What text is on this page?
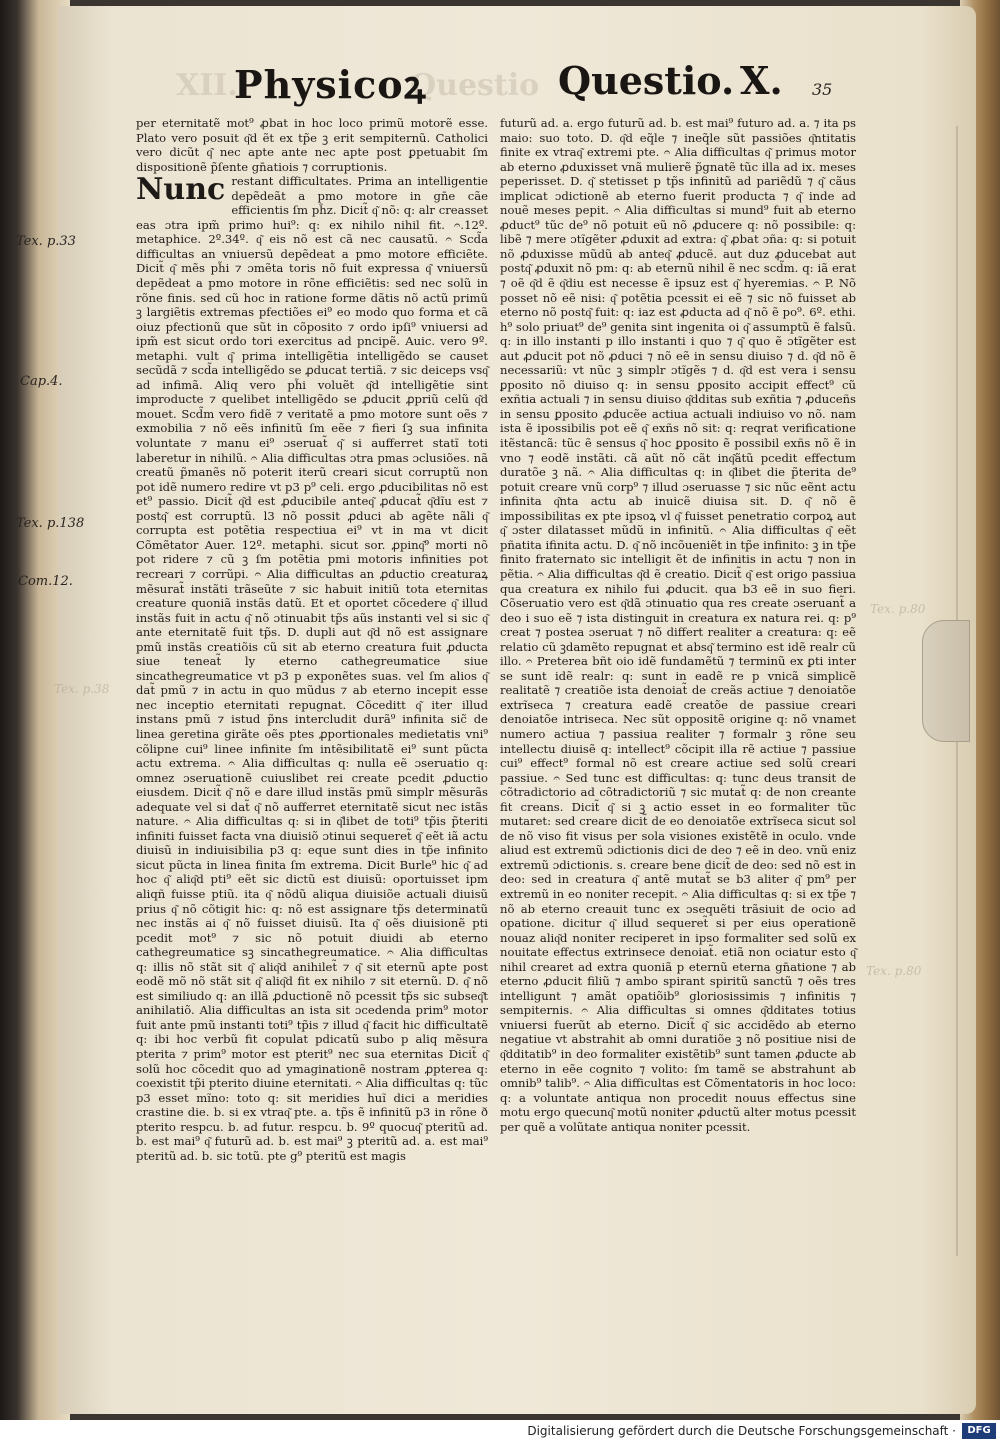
XII.	Questio
Physicoꝝ	Questio. X. 35
Tex. p.33
Cap.4.
Tex. p.138
Com.12.
Tex. p.38
Tex. p.80
Tex. p.80

per eternitatẽ mot⁹ ꝓbat in hoc loco primũ motorẽ esse. Plato vero posuit q͂d ẽt ex tp̃e ꝫ erit sempiternũ. Catholici vero dicũt q͂ nec apte ante nec apte post ꝑpetuabit ſm dispositionẽ p̃ſente gn̄atiois ⁊ corruptionis.

Nunc restant difficultates. Prima an intelligentie depẽdeãt a pmo motore in gn̄e cãe efficientis ſm ph̃z. Dicit̃ q͂ nõ: q: alr creasset eas ɔtra ipm̃ primo hui⁹: q: ex nihilo nihil fit. 𝄐.12º. metaphice. 2º.34º. q͂ eis nõ est cã nec causatũ. 𝄐 Scd̃a difficultas an vniuersũ depẽdeat a pmo motore efficiẽte. Dicit̃ q͂ mẽs ph̃i ⁊ ɔmẽta toris nõ fuit expressa q͂ vniuersũ depẽdeat a pmo motore in rõne efficiẽtis: sed nec solũ in rõne finis. sed cũ hoc in ratione forme dãtis nõ actũ primũ ꝫ largiẽtis extremas pfectiões ei⁹ eo modo quo forma et cã oiuz pfectionũ que sũt in cõposito ⁊ ordo ipſi⁹ vniuersi ad ipm̃ est sicut ordo tori exercitus ad pncipẽ. Auic. vero 9º. metaphi. vult q͂ prima intelligẽtia intelligẽdo se causet secũdã ⁊ scd̃a intelligẽdo se ꝓducat tertiã. ⁊ sic deiceps vsq͂ ad infimã. Aliq vero ph̃i voluẽt q͂d intelligẽtie sint improducte ⁊ quelibet intelligẽdo se ꝓducit ꝓpriũ celũ q͂d mouet. Scd̃m vero fidẽ ⁊ veritatẽ a pmo motore sunt oẽs ⁊ exmobilia ⁊ nõ eẽs infinitũ ſm eẽe ⁊ fieri ſꝫ sua infinita voluntate ⁊ manu ei⁹ ɔseruat̃ q͂ si aufferret statĩ toti laberetur in nihilũ. 𝄐 Alia difficultas ɔtra pmas ɔclusiões. nã creatũ p̃manẽs nõ poterit iterũ creari sicut corruptũ non pot idẽ numero redire vt p3 p⁹ celi. ergo ꝓducibilitas nõ est et⁹ passio. Dicit̃ q͂d est ꝓducibile anteq͂ ꝓducat̃ q͂dĩu est ⁊ postq͂ est corruptũ. l3 nõ possit ꝓduci ab agẽte nãli q͂ corrupta est potẽtia respectiua ei⁹ vt in ma vt dicit Cõmẽtator Auer. 12º. metaphi. sicut sor. ꝓpinq͂⁹ morti nõ pot ridere ⁊ cũ ꝫ ſm potẽtia pmi motoris infinities pot recreari ⁊ corrũpi. 𝄐 Alia difficultas an ꝓductio creaturaꝝ mẽsurat̃ instãti trãseũte ⁊ sic habuit initiũ tota eternitas creature quoniã instãs datũ. Et et oportet cõcedere q͂ illud instãs fuit in actu q͂ nõ ɔtinuabit tp̃s aũs instanti vel si sic q͂ ante eternitatẽ fuit tp̃s. D. dupli aut q͂d nõ est assignare pmũ instãs creatiõis cũ sit ab eterno creatura fuit ꝓducta siue teneat̃ ly eterno cathegreumatice siue sincathegreumatice vt p3 p exponẽtes suas. vel ſm alios q͂ dat̃ pmũ ⁊ in actu in quo mũdus ⁊ ab eterno incepit esse nec inceptio eternitati repugnat. Cõceditt q͂ iter illud instans pmũ ⁊ istud p̃ns intercludit durã⁹ infinita sic̃ de linea geretina girãte oẽs ptes ꝓportionales medietatis vni⁹ cõlipne cui⁹ linee infinite ſm intẽsibilitatẽ ei⁹ sunt pũcta actu extrema. 𝄐 Alia difficultas q: nulla eẽ ɔseruatio q: omnez ɔseruationẽ cuiuslibet rei create pcedit ꝓductio eiusdem. Dicit̃ q͂ nõ e dare illud instãs pmũ simplr mẽsurãs adequate vel si dat̃ q͂ nõ aufferret eternitatẽ sicut nec istãs nature. 𝄐 Alia difficultas q: si in q͂libet de toti⁹ tp̃is p̃teriti infiniti fuisset facta vna diuisiõ ɔtinui sequeret̃ q͂ eẽt iã actu diuisũ in indiuisibilia p3 q: eque sunt dies in tp̃e infinito sicut pũcta in linea finita ſm extrema. Dicit Burle⁹ hic q͂ ad hoc q͂ aliq͂d pti⁹ eẽt sic dictũ est diuisũ: oportuisset ipm aliqñ fuisse ptiũ. ita q͂ nõdũ aliqua diuisiõe actuali diuisũ prius q͂ nõ cõtigit hic: q: nõ est assignare tp̃s determinatũ nec instãs ai q͂ nõ fuisset diuisũ. Ita q͂ oẽs diuisionẽ pti pcedit mot⁹ ⁊ sic nõ potuit diuidi ab eterno cathegreumatice sꝫ sincathegreumatice. 𝄐 Alia difficultas q: illis nõ stãt sit q͂ aliq͂d anihilet̃ ⁊ q͂ sit eternũ apte post eodẽ mõ nõ stãt sit q͂ aliq͂d fit ex nihilo ⁊ sit eternũ. D. q͂ nõ est similiudo q: an illã ꝓductionẽ nõ pcessit tp̃s sic subseq͂t anihilatiõ. Alia difficultas an ista sit ɔcedenda prim⁹ motor fuit ante pmũ instanti toti⁹ tp̃is ⁊ illud q͂ facit hic difficultatẽ q: ibi hoc verbũ fit copulat pdicatũ subo p aliq mẽsura pterita ⁊ prim⁹ motor est pterit⁹ nec sua eternitas Dicit̃ q͂ solũ hoc cõcedit quo ad ymaginationẽ nostram ꝓpterea q: coexistit tp̃i pterito diuine eternitati. 𝄐 Alia difficultas q: tũc p3 esset mĩno: toto q: sit meridies huĩ dici a meridies crastine die. b. si ex vtraq͂ pte. a. tp̃s ẽ infinitũ p3 in rõne ð pterito respcu. b. ad futur. respcu. b. 9º quocuq͂ pteritũ ad. b. est mai⁹ q͂ futurũ ad. b. est mai⁹ ꝫ pteritũ ad. a. est mai⁹ pteritũ ad. b. sic totũ. pte g⁹ pteritũ est magis

futurũ ad. a. ergo futurũ ad. b. est mai⁹ futuro ad. a. ⁊ ita ps maio: suo toto. D. q͂d eq̃le ⁊ ineq̃le sũt passiões q͂ntitatis finite ex vtraq͂ extremi pte. 𝄐 Alia difficultas q͂ primus motor ab eterno ꝓduxisset vnã mulierẽ p̃gnatẽ tũc illa ad ix. meses peperisset. D. q͂ stetisset p tp̃s infinitũ ad pariẽdũ ⁊ q͂ cãus implicat ɔdictionẽ ab eterno fuerit producta ⁊ q͂ inde ad nouẽ meses pepit. 𝄐 Alia difficultas si mund⁹ fuit ab eterno ꝓduct⁹ tũc de⁹ nõ potuit eũ nõ ꝓducere q: nõ possibile: q: libẽ ⁊ mere ɔtĩgẽter ꝓduxit ad extra: q͂ ꝓbat ɔña: q: si potuit nõ ꝓduxisse mũdũ ab anteq͂ ꝓducẽ. aut duz ꝓducebat aut postq͂ ꝓduxit nõ pm: q: ab eternũ nihil ẽ nec scd̃m. q: iã erat ⁊ oẽ q͂d ẽ q͂diu est necesse ẽ ipsuz est q͂ hyeremias. 𝄐 P. Nõ posset nõ eẽ nisi: q͂ potẽtia pcessit ei eẽ ⁊ sic nõ fuisset ab eterno nõ postq͂ fuit: q: iaz est ꝓducta ad q͂ nõ ẽ po⁹. 6º. ethi. h⁹ solo priuat⁹ de⁹ genita sint ingenita oi q͂ assumptũ ẽ falsũ. q: in illo instanti p illo instanti i quo ⁊ q͂ quo ẽ ɔtĩgẽter est aut ꝓducit pot nõ ꝓduci ⁊ nõ eẽ in sensu diuiso ⁊ d. q͂d nõ ẽ necessariũ: vt nũc ꝫ simplr ɔtĩgẽs ⁊ d. q͂d est vera i sensu ꝑposito nõ diuiso q: in sensu ꝑposito accipit effect⁹ cũ exñtia actuali ⁊ in sensu diuiso q͂dditas sub exñtia ⁊ ꝓduceñs in sensu ꝑposito ꝓducẽe actiua actuali indiuiso vo nõ. nam ista ẽ ipossibilis pot eẽ q͂ exñs nõ sit: q: reqrat verificatione itẽstancã: tũc ẽ sensus q͂ hoc ꝑposito ẽ possibil exñs nõ ẽ in vno ⁊ eodẽ instãti. cã aũt nõ cãt inq͂ãtũ pcedit effectum duratõe ꝫ nã. 𝄐 Alia difficultas q: in q͂libet die p̃terita de⁹ potuit creare vnũ corp⁹ ⁊ illud ɔseruasse ⁊ sic nũc eẽnt actu infinita q͂nta actu ab inuicẽ diuisa sit. D. q͂ nõ ẽ impossibilitas ex pte ipsoꝝ vl q͂ fuisset penetratio corpoꝝ aut q͂ ɔster dilatasset mũdũ in infinitũ. 𝄐 Alia difficultas q͂ eẽt pñatita ifinita actu. D. q͂ nõ incõueniẽt in tp̃e infinito: ꝫ in tp̃e finito fraternato sic intelligit ẽt de infinitis in actu ⁊ non in pẽtia. 𝄐 Alia difficultas q͂d ẽ creatio. Dicit̃ q͂ est origo passiua qua creatura ex nihilo fui ꝓducit. qua b3 eẽ in suo fieri. Cõseruatio vero est q͂dã ɔtinuatio qua res create ɔseruant̃ a deo i suo eẽ ⁊ ista distinguit in creatura ex natura rei. q: p⁹ creat ⁊ postea ɔseruat ⁊ nõ differt realiter a creatura: q: eẽ relatio cũ ꝫdamẽto repugnat et absq͂ termino est idẽ realr cũ illo. 𝄐 Preterea bñt oio idẽ fundamẽtũ ⁊ terminũ ex ꝑti inter se sunt idẽ realr: q: sunt in eadẽ re p vnicã simplicẽ realitatẽ ⁊ creatiõe ista denoiat̃ de creãs actiue ⁊ denoiatõe extrĩseca ⁊ creatura eadẽ creatõe de passiue creari denoiatõe intriseca. Nec sũt oppositẽ origine q: nõ vnamet numero actiua ⁊ passiua realiter ⁊ formalr ꝫ rõne seu intellectu diuisẽ q: intellect⁹ cõcipit illa rẽ actiue ⁊ passiue cui⁹ effect⁹ formal nõ est creare actiue sed solũ creari passiue. 𝄐 Sed tunc est difficultas: q: tunc deus transit de cõtradictorio ad cõtradictoriũ ⁊ sic mutat̃ q: de non creante fit creans. Dicit̃ q͂ si ꝫ actio esset in eo formaliter tũc mutaret: sed creare dicit̃ de eo denoiatõe extrĩseca sicut sol de nõ viso fit visus per sola visiones existẽtẽ in oculo. vnde aliud est extremũ ɔdictionis dici de deo ⁊ eẽ in deo. vnũ eniz extremũ ɔdictionis. s. creare bene dicit̃ de deo: sed nõ est in deo: sed in creatura q͂ antẽ mutat̃ se b3 aliter q͂ pm⁹ per extremũ in eo noniter recepit. 𝄐 Alia difficultas q: si ex tp̃e ⁊ nõ ab eterno creauit tunc ex ɔsequẽti trãsiuit de ocio ad opatione. dicitur q͂ illud sequeret̃ si per eius operationẽ nouaz aliq͂d noniter reciperet in ipso formaliter sed solũ ex nouitate effectus extrinsece denoiat̃. etiã non ociatur esto q͂ nihil crearet ad extra quoniã p eternũ eterna gn̄atione ⁊ ab eterno ꝓducit filiũ ⁊ ambo spirant spiritũ sanctũ ⁊ oẽs tres intelligunt ⁊ amãt opatiõib⁹ gloriosissimis ⁊ infinitis ⁊ sempiternis. 𝄐 Alia difficultas si omnes q͂dditates totius vniuersi fuerũt ab eterno. Dicit̃ q͂ sic accidẽdo ab eterno negatiue vt abstrahit ab omni duratiõe ꝫ nõ positiue nisi de q͂dditatib⁹ in deo formaliter existẽtib⁹ sunt tamen ꝓducte ab eterno in eẽe cognito ⁊ volito: ſm tamẽ se abstrahunt ab omnib⁹ talib⁹. 𝄐 Alia difficultas est Cõmentatoris in hoc loco: q: a voluntate antiqua non procedit nouus effectus sine motu ergo quecunq͂ motũ noniter ꝓductũ alter motus pcessit per quẽ a volũtate antiqua noniter pcessit.

Digitalisierung gefördert durch die Deutsche Forschungsgemeinschaft ·	DFG
